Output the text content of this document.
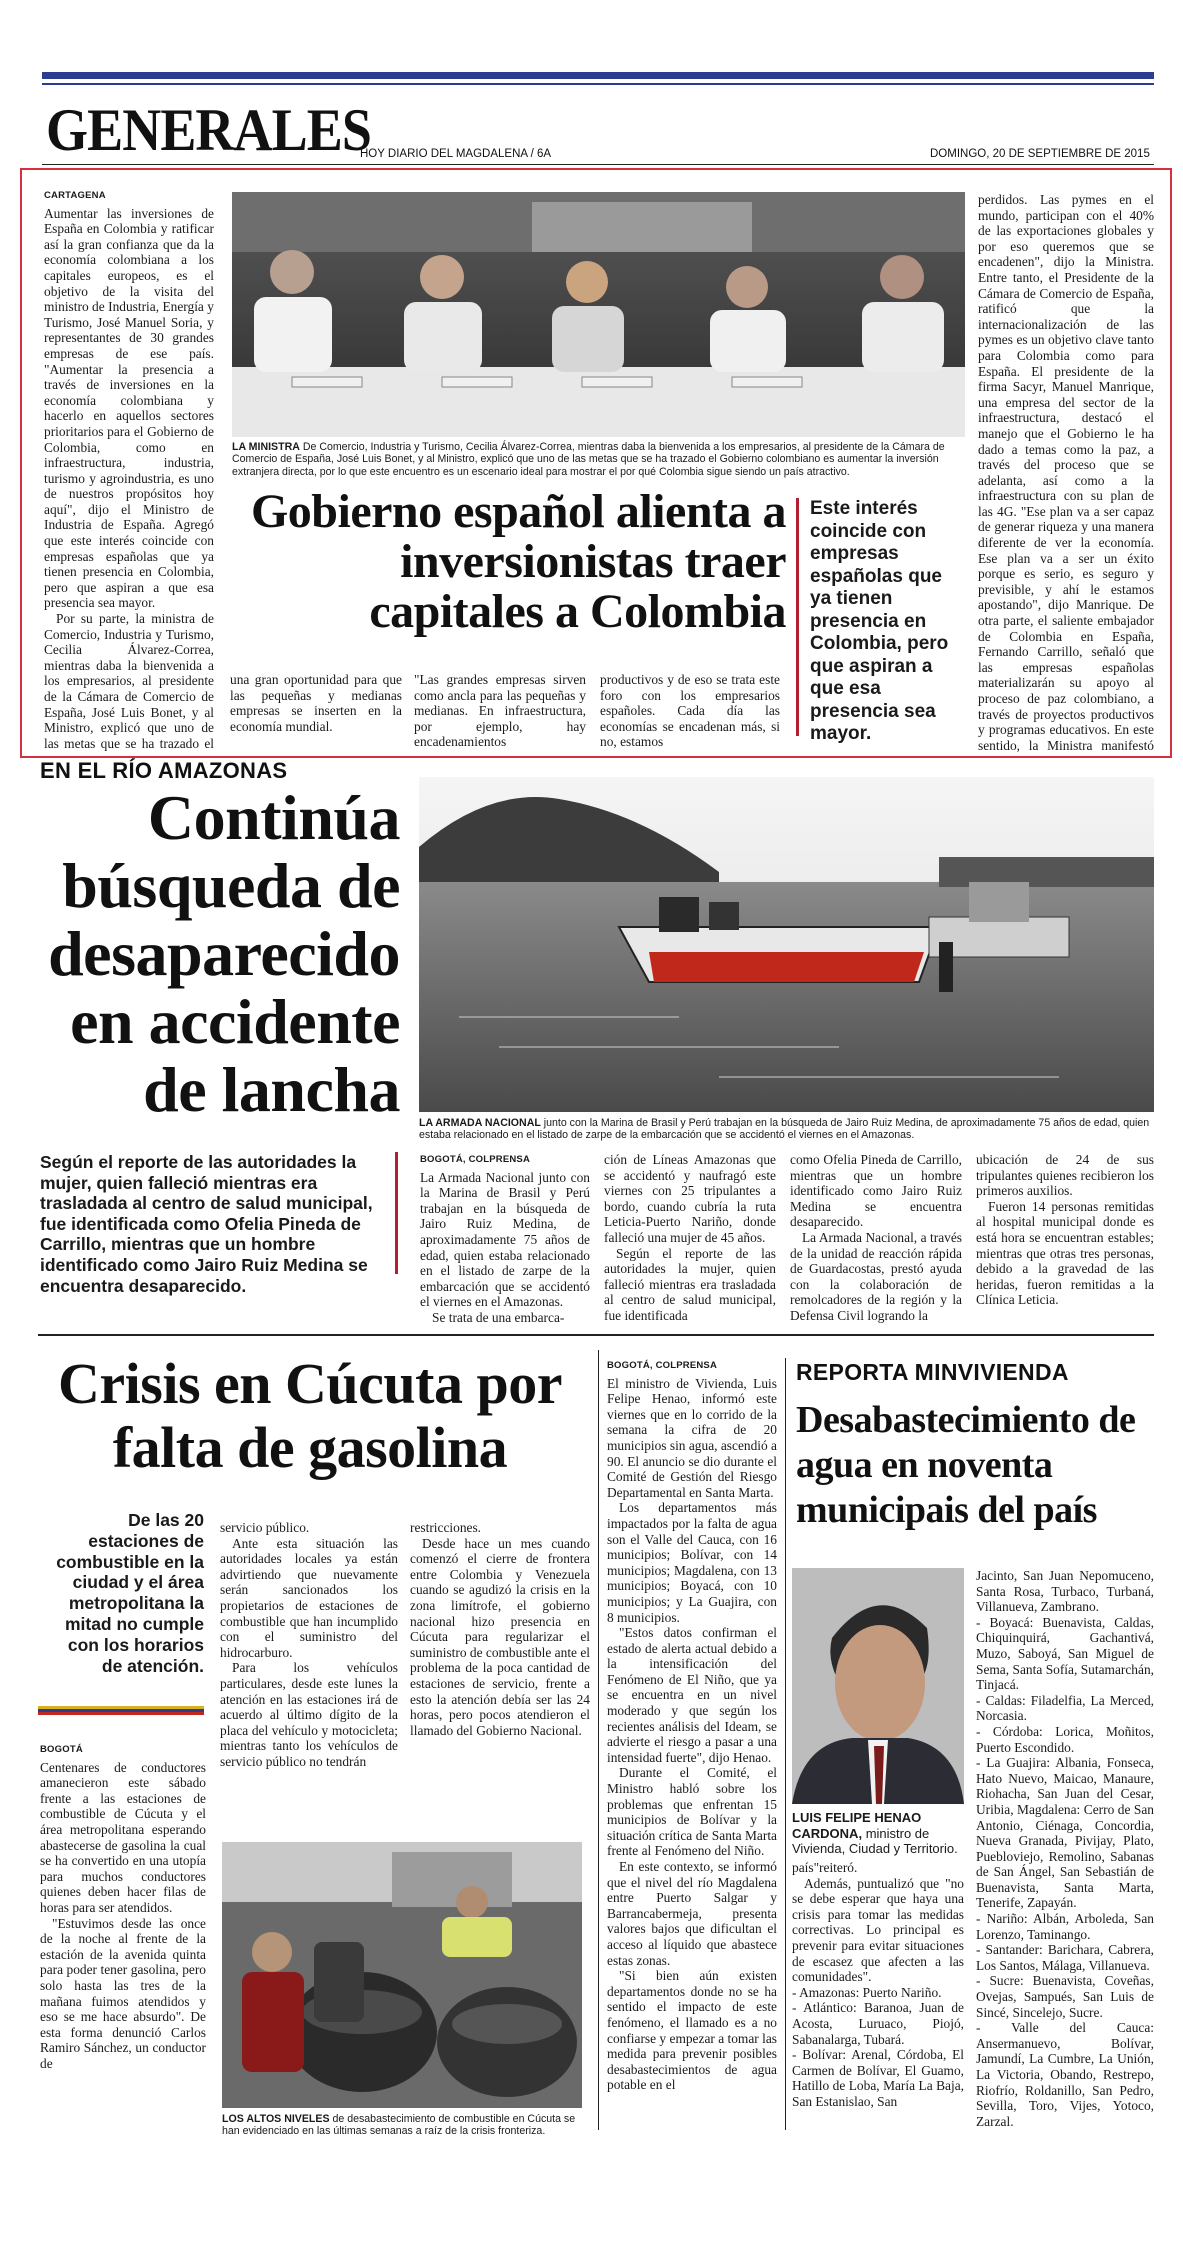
GENERALES
HOY DIARIO DEL MAGDALENA / 6A	DOMINGO, 20 DE SEPTIEMBRE DE 2015
CARTAGENA

Aumentar las inversiones de España en Colombia y ratificar así la gran confianza que da la economía colombiana a los capitales europeos, es el objetivo de la visita del ministro de Industria, Energía y Turismo, José Manuel Soria, y representantes de 30 grandes empresas de ese país. "Aumentar la presencia a través de inversiones en la economía colombiana y hacerlo en aquellos sectores prioritarios para el Gobierno de Colombia, como en infraestructura, industria, turismo y agroindustria, es uno de nuestros propósitos hoy aquí", dijo el Ministro de Industria de España. Agregó que este interés coincide con empresas españolas que ya tienen presencia en Colombia, pero que aspiran a que esa presencia sea mayor.

Por su parte, la ministra de Comercio, Industria y Turismo, Cecilia Álvarez-Correa, mientras daba la bienvenida a los empresarios, al presidente de la Cámara de Comercio de España, José Luis Bonet, y al Ministro, explicó que uno de las metas que se ha trazado el

LA MINISTRA De Comercio, Industria y Turismo, Cecilia Álvarez-Correa, mientras daba la bienvenida a los empresarios, al presidente de la Cámara de Comercio de España, José Luis Bonet, y al Ministro, explicó que uno de las metas que se ha trazado el Gobierno colombiano es aumentar la inversión extranjera directa, por lo que este encuentro es un escenario ideal para mostrar el por qué Colombia sigue siendo un país atractivo.
Gobierno español alienta a inversionistas traer capitales a Colombia
Este interés coincide con empresas españolas que ya tienen presencia en Colombia, pero que aspiran a que esa presencia sea mayor.

una gran oportunidad para que las pequeñas y medianas empresas se inserten en la economía mundial.

"Las grandes empresas sirven como ancla para las pequeñas y medianas. En infraestructura, por ejemplo, hay encadenamientos

productivos y de eso se trata este foro con los empresarios españoles. Cada día las economías se encadenan más, si no, estamos

perdidos. Las pymes en el mundo, participan con el 40% de las exportaciones globales y por eso queremos que se encadenen", dijo la Ministra. Entre tanto, el Presidente de la Cámara de Comercio de España, ratificó que la internacionalización de las pymes es un objetivo clave tanto para Colombia como para España. El presidente de la firma Sacyr, Manuel Manrique, una empresa del sector de la infraestructura, destacó el manejo que el Gobierno le ha dado a temas como la paz, a través del proceso que se adelanta, así como a la infraestructura con su plan de las 4G. "Ese plan va a ser capaz de generar riqueza y una manera diferente de ver la economía. Ese plan va a ser un éxito porque es serio, es seguro y previsible, y ahí le estamos apostando", dijo Manrique. De otra parte, el saliente embajador de Colombia en España, Fernando Carrillo, señaló que las empresas españolas materializarán su apoyo al proceso de paz colombiano, a través de proyectos productivos y programas educativos. En este sentido, la Ministra manifestó

EN EL RÍO AMAZONAS
Continúa búsqueda de desaparecido en accidente de lancha LA ARMADA NACIONAL junto con la Marina de Brasil y Perú trabajan en la búsqueda de Jairo Ruiz Medina, de aproximadamente 75 años de edad, quien estaba relacionado en el listado de zarpe de la embarcación que se accidentó el viernes en el Amazonas.
Según el reporte de las autoridades la mujer, quien falleció mientras era trasladada al centro de salud municipal, fue identificada como Ofelia Pineda de Carrillo, mientras que un hombre identificado como Jairo Ruiz Medina se encuentra desaparecido.
BOGOTÁ, COLPRENSA

La Armada Nacional junto con la Marina de Brasil y Perú trabajan en la búsqueda de Jairo Ruiz Medina, de aproximadamente 75 años de edad, quien estaba relacionado en el listado de zarpe de la embarcación que se accidentó el viernes en el Amazonas.

Se trata de una embarca-

ción de Líneas Amazonas que se accidentó y naufragó este viernes con 25 tripulantes a bordo, cuando cubría la ruta Leticia-Puerto Nariño, donde falleció una mujer de 45 años.

Según el reporte de las autoridades la mujer, quien falleció mientras era trasladada al centro de salud municipal, fue identificada

como Ofelia Pineda de Carrillo, mientras que un hombre identificado como Jairo Ruiz Medina se encuentra desaparecido.

La Armada Nacional, a través de la unidad de reacción rápida de Guardacostas, prestó ayuda con la colaboración de remolcadores de la región y la Defensa Civil logrando la

ubicación de 24 de sus tripulantes quienes recibieron los primeros auxilios.

Fueron 14 personas remitidas al hospital municipal donde es está hora se encuentran estables; mientras que otras tres personas, debido a la gravedad de las heridas, fueron remitidas a la Clínica Leticia.

Crisis en Cúcuta por falta de gasolina
De las 20 estaciones de combustible en la ciudad y el área metropolitana la mitad no cumple con los horarios de atención.
BOGOTÁ

Centenares de conductores amanecieron este sábado frente a las estaciones de combustible de Cúcuta y el área metropolitana esperando abastecerse de gasolina la cual se ha convertido en una utopía para muchos conductores quienes deben hacer filas de horas para ser atendidos.

"Estuvimos desde las once de la noche al frente de la estación de la avenida quinta para poder tener gasolina, pero solo hasta las tres de la mañana fuimos atendidos y eso se me hace absurdo". De esta forma denunció Carlos Ramiro Sánchez, un conductor de

servicio público.

Ante esta situación las autoridades locales ya están advirtiendo que nuevamente serán sancionados los propietarios de estaciones de combustible que han incumplido con el suministro del hidrocarburo.

Para los vehículos particulares, desde este lunes la atención en las estaciones irá de acuerdo al último dígito de la placa del vehículo y motocicleta; mientras tanto los vehículos de servicio público no tendrán

restricciones.

Desde hace un mes cuando comenzó el cierre de frontera entre Colombia y Venezuela cuando se agudizó la crisis en la zona limítrofe, el gobierno nacional hizo presencia en Cúcuta para regularizar el suministro de combustible ante el problema de la poca cantidad de estaciones de servicio, frente a esto la atención debía ser las 24 horas, pero pocos atendieron el llamado del Gobierno Nacional.

LOS ALTOS NIVELES de desabastecimiento de combustible en Cúcuta se han evidenciado en las últimas semanas a raíz de la crisis fronteriza.
BOGOTÁ, COLPRENSA

El ministro de Vivienda, Luis Felipe Henao, informó este viernes que en lo corrido de la semana la cifra de 20 municipios sin agua, ascendió a 90. El anuncio se dio durante el Comité de Gestión del Riesgo Departamental en Santa Marta.

Los departamentos más impactados por la falta de agua son el Valle del Cauca, con 16 municipios; Bolívar, con 14 municipios; Magdalena, con 13 municipios; Boyacá, con 10 municipios; y La Guajira, con 8 municipios.

"Estos datos confirman el estado de alerta actual debido a la intensificación del Fenómeno de El Niño, que ya se encuentra en un nivel moderado y que según los recientes análisis del Ideam, se advierte el riesgo a pasar a una intensidad fuerte", dijo Henao.

Durante el Comité, el Ministro habló sobre los problemas que enfrentan 15 municipios de Bolívar y la situación crítica de Santa Marta frente al Fenómeno del Niño.

En este contexto, se informó que el nivel del río Magdalena entre Puerto Salgar y Barrancabermeja, presenta valores bajos que dificultan el acceso al líquido que abastece estas zonas.

"Si bien aún existen departamentos donde no se ha sentido el impacto de este fenómeno, el llamado es a no confiarse y empezar a tomar las medida para prevenir posibles desabastecimientos de agua potable en el

REPORTA MINVIVIENDA
Desabastecimiento de agua en noventa municipais del país
LUIS FELIPE HENAO CARDONA, ministro de Vivienda, Ciudad y Territorio.

país"reiteró.

Además, puntualizó que "no se debe esperar que haya una crisis para tomar las medidas correctivas. Lo principal es prevenir para evitar situaciones de escasez que afecten a las comunidades".

- Amazonas: Puerto Nariño.

- Atlántico: Baranoa, Juan de Acosta, Luruaco, Piojó, Sabanalarga, Tubará.

- Bolívar: Arenal, Córdoba, El Carmen de Bolívar, El Guamo, Hatillo de Loba, María La Baja, San Estanislao, San

Jacinto, San Juan Nepomuceno, Santa Rosa, Turbaco, Turbaná, Villanueva, Zambrano.

- Boyacá: Buenavista, Caldas, Chiquinquirá, Gachantivá, Muzo, Saboyá, San Miguel de Sema, Santa Sofía, Sutamarchán, Tinjacá.

- Caldas: Filadelfia, La Merced, Norcasia.

- Córdoba: Lorica, Moñitos, Puerto Escondido.

- La Guajira: Albania, Fonseca, Hato Nuevo, Maicao, Manaure, Riohacha, San Juan del Cesar, Uribia, Magdalena: Cerro de San Antonio, Ciénaga, Concordia, Nueva Granada, Pivijay, Plato, Puebloviejo, Remolino, Sabanas de San Ángel, San Sebastián de Buenavista, Santa Marta, Tenerife, Zapayán.

- Nariño: Albán, Arboleda, San Lorenzo, Taminango.

- Santander: Barichara, Cabrera, Los Santos, Málaga, Villanueva.

- Sucre: Buenavista, Coveñas, Ovejas, Sampués, San Luis de Sincé, Sincelejo, Sucre.

- Valle del Cauca: Ansermanuevo, Bolívar, Jamundí, La Cumbre, La Unión, La Victoria, Obando, Restrepo, Riofrío, Roldanillo, San Pedro, Sevilla, Toro, Vijes, Yotoco, Zarzal.
